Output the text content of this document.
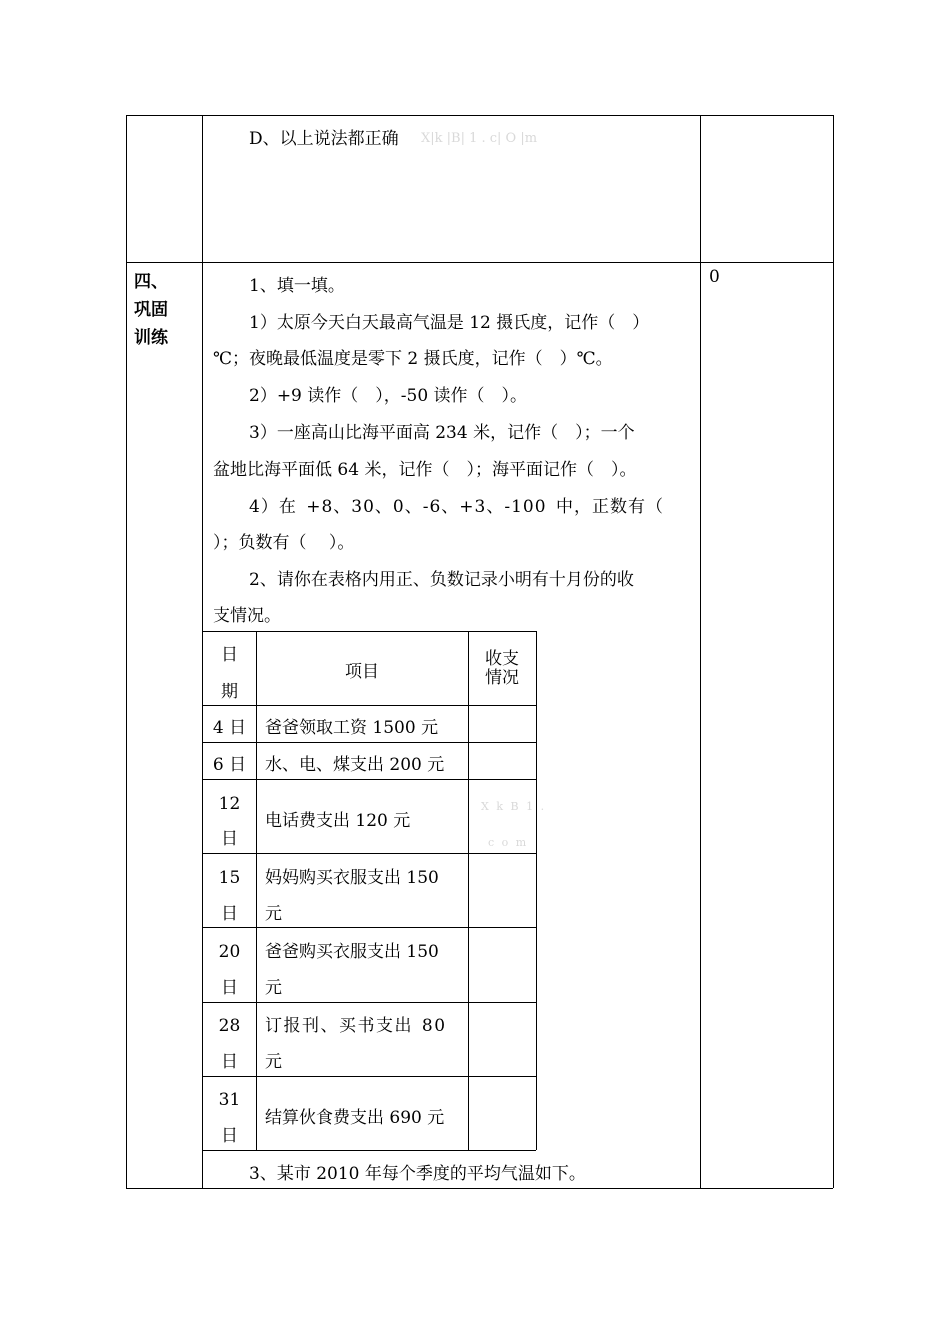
D、以上说法都正确 X|k |B| 1 . c| O |m
四、
巩固
训练
0
1、填一填。
1）太原今天白天最高气温是 12 摄氏度，记作（　）
℃；夜晚最低温度是零下 2 摄氏度，记作（　）℃。
2）+9 读作（　），-50 读作（　）。
3）一座高山比海平面高 234 米，记作（　）；一个
盆地比海平面低 64 米，记作（　）；海平面记作（　）。
4）在 +8、30、0、-6、+3、-100 中，正数有（
）；负数有（　 ）。
2、请你在表格内用正、负数记录小明有十月份的收
支情况。
3、某市 2010 年每个季度的平均气温如下。
日
期
项目
收支
情况
4 日	爸爸领取工资 1500 元
6 日	水、电、煤支出 200 元
12
日
电话费支出 120 元
X k B 1 .
c o m
15
日
妈妈购买衣服支出 150
元
20
日
爸爸购买衣服支出 150
元
28
日
订报刊、买书支出 80
元
31
日
结算伙食费支出 690 元
